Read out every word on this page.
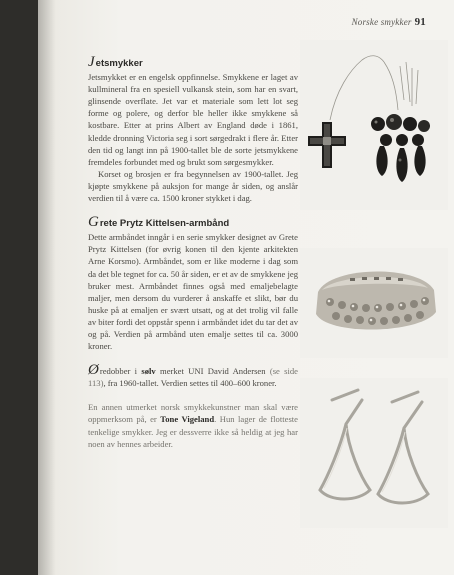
Norske smykker 91
Jetsmykker

Jetsmykket er en engelsk oppfinnelse. Smykkene er laget av kullmineral fra en spesiell vulkansk stein, som har en svart, glinsende overflate. Jet var et materiale som lett lot seg forme og polere, og derfor ble heller ikke smykkene så kostbare. Etter at prins Albert av England døde i 1861, kledde dronning Victoria seg i sort sørgedrakt i flere år. Etter den tid og langt inn på 1900-tallet ble de sorte jetsmykkene fremdeles forbundet med og brukt som sørgesmykker.

Korset og brosjen er fra begynnelsen av 1900-tallet. Jeg kjøpte smykkene på auksjon for mange år siden, og anslår verdien til å være ca. 1500 kroner stykket i dag.

Grete Prytz Kittelsen-armbånd

Dette armbåndet inngår i en serie smykker designet av Grete Prytz Kittelsen (for øvrig konen til den kjente arkitekten Arne Korsmo). Armbåndet, som er like moderne i dag som da det ble tegnet for ca. 50 år siden, er et av de smykkene jeg bruker mest. Armbåndet finnes også med emaljebelagte maljer, men dersom du vurderer å anskaffe et slikt, bør du huske på at emaljen er svært utsatt, og at det trolig vil falle av biter fordi det oppstår spenn i armbåndet idet du tar det av og på. Verdien på armbånd uten emalje settes til ca. 3000 kroner.

Øredobber i sølv merket UNI David Andersen (se side 113), fra 1960-tallet. Verdien settes til 400–600 kroner.

En annen utmerket norsk smykkekunstner man skal være oppmerksom på, er Tone Vigeland. Hun lager de flotteste tenkelige smykker. Jeg er dessverre ikke så heldig at jeg har noen av hennes arbeider.
